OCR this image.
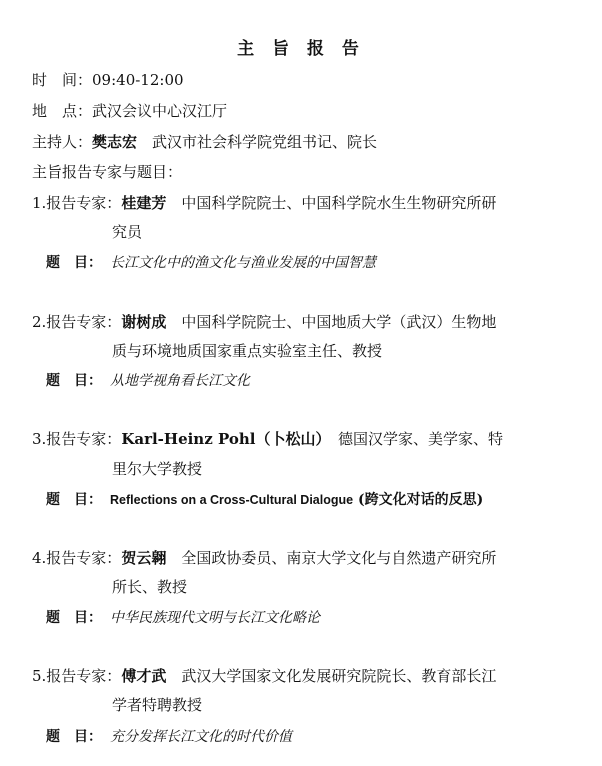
主 旨 报 告
时　间：09:40-12:00
地　点：武汉会议中心汉江厅
主持人：樊志宏　 武汉市社会科学院党组书记、院长
主旨报告专家与题目：
1.报告专家：桂建芳　 中国科学院院士、中国科学院水生生物研究所研
究员
题　目： 长江文化中的渔文化与渔业发展的中国智慧
2.报告专家：谢树成　 中国科学院院士、中国地质大学（武汉）生物地
质与环境地质国家重点实验室主任、教授
题　目： 从地学视角看长江文化
3.报告专家：Karl-Heinz Pohl（卜松山）　 德国汉学家、美学家、特
里尔大学教授
题　目： Reflections on a Cross-Cultural Dialogue (跨文化对话的反思)
4.报告专家：贺云翱　 全国政协委员、南京大学文化与自然遗产研究所
所长、教授
题　目： 中华民族现代文明与长江文化略论
5.报告专家：傅才武　 武汉大学国家文化发展研究院院长、教育部长江
学者特聘教授
题　目： 充分发挥长江文化的时代价值
